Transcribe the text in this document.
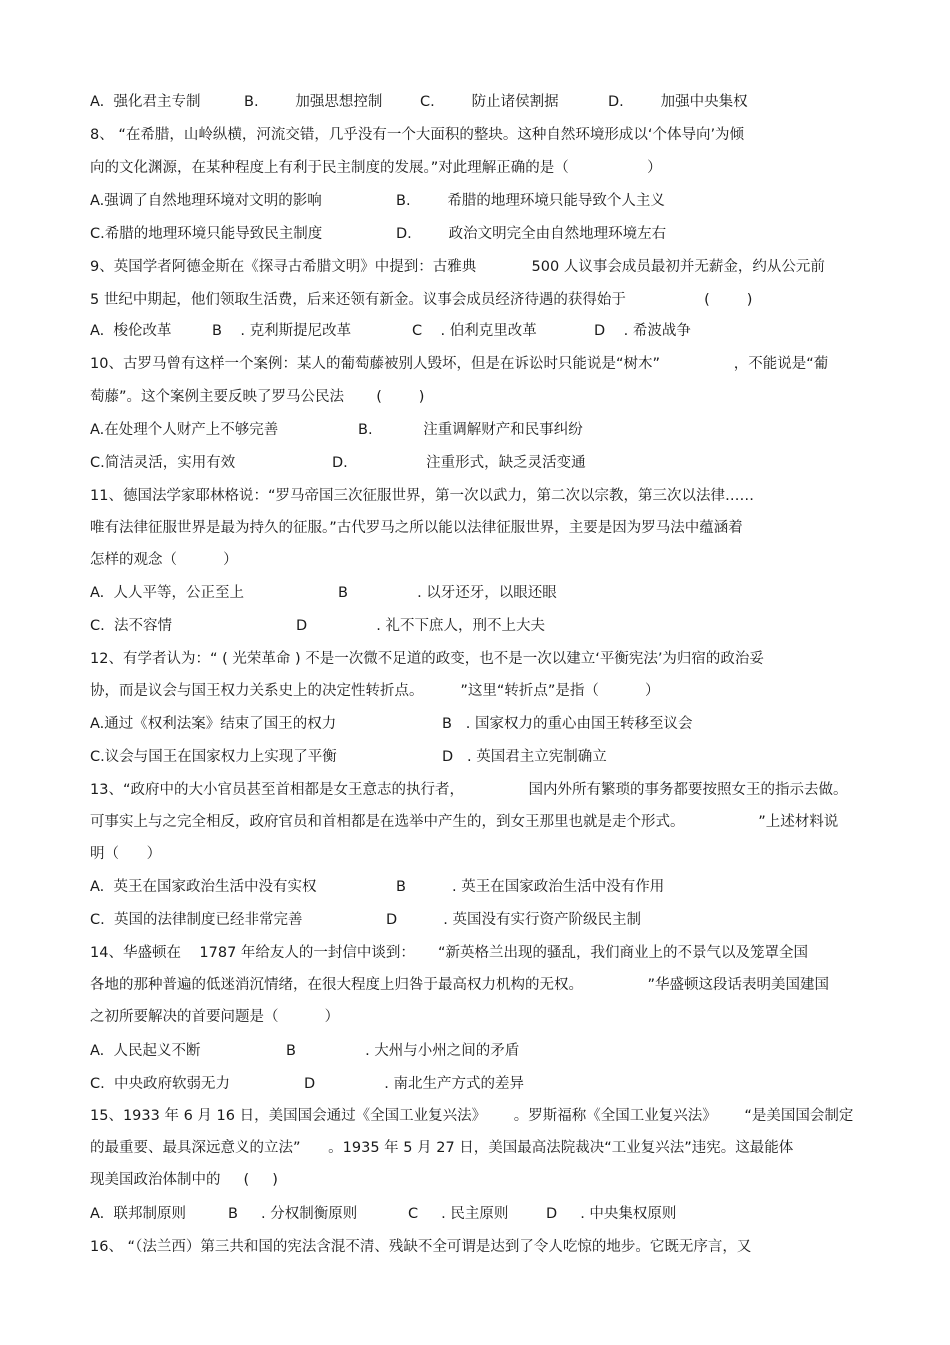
A.  强化君主专制	B.        加强思想控制	C.        防止诸侯割据	D.        加强中央集权
8、 “在希腊，山岭纵横，河流交错，几乎没有一个大面积的整块。这种自然环境形成以‘个体导向’为倾
向的文化渊源，在某种程度上有利于民主制度的发展。”对此理解正确的是（                 ）
A.强调了自然地理环境对文明的影响	B.        希腊的地理环境只能导致个人主义
C.希腊的地理环境只能导致民主制度	D.        政治文明完全由自然地理环境左右
9、英国学者阿德金斯在《探寻古希腊文明》中提到：古雅典            500 人议事会成员最初并无薪金，约从公元前
5 世纪中期起，他们领取生活费，后来还领有新金。议事会成员经济待遇的获得始于                 (        )
A.  梭伦改革	B    . 克利斯提尼改革	C    . 伯利克里改革	D    . 希波战争
10、古罗马曾有这样一个案例：某人的葡萄藤被别人毁坏，但是在诉讼时只能说是“树木”                ，不能说是“葡
萄藤”。这个案例主要反映了罗马公民法       (        )
A.在处理个人财产上不够完善	B.           注重调解财产和民事纠纷
C.简洁灵活，实用有效	D.                 注重形式，缺乏灵活变通
11、德国法学家耶林格说：“罗马帝国三次征服世界，第一次以武力，第二次以宗教，第三次以法律……
唯有法律征服世界是最为持久的征服。”古代罗马之所以能以法律征服世界，主要是因为罗马法中蕴涵着
怎样的观念（          ）
A.  人人平等，公正至上	B               . 以牙还牙，以眼还眼
C.  法不容情	D               . 礼不下庶人，刑不上大夫
12、有学者认为：“ ( 光荣革命 ) 不是一次微不足道的政变，也不是一次以建立‘平衡宪法’为归宿的政治妥
协，而是议会与国王权力关系史上的决定性转折点。        ”这里“转折点”是指（          ）
A.通过《权利法案》结束了国王的权力	B   . 国家权力的重心由国王转移至议会
C.议会与国王在国家权力上实现了平衡	D   . 英国君主立宪制确立
13、“政府中的大小官员甚至首相都是女王意志的执行者，              国内外所有繁琐的事务都要按照女王的指示去做。
可事实上与之完全相反，政府官员和首相都是在选举中产生的，到女王那里也就是走个形式。                ”上述材料说
明（      ）
A.  英王在国家政治生活中没有实权	B          . 英王在国家政治生活中没有作用
C.  英国的法律制度已经非常完善	D          . 英国没有实行资产阶级民主制
14、华盛顿在    1787 年给友人的一封信中谈到：     “新英格兰出现的骚乱，我们商业上的不景气以及笼罩全国
各地的那种普遍的低迷消沉情绪，在很大程度上归咎于最高权力机构的无权。              ”华盛顿这段话表明美国建国
之初所要解决的首要问题是（          ）
A.  人民起义不断	B               . 大州与小州之间的矛盾
C.  中央政府软弱无力	D               . 南北生产方式的差异
15、1933 年 6 月 16 日，美国国会通过《全国工业复兴法》      。罗斯福称《全国工业复兴法》      “是美国国会制定
的最重要、最具深远意义的立法”      。1935 年 5 月 27 日，美国最高法院裁决“工业复兴法”违宪。这最能体
现美国政治体制中的     (     )
A.  联邦制原则	B     . 分权制衡原则	C     . 民主原则	D     . 中央集权原则
16、 “（法兰西）第三共和国的宪法含混不清、残缺不全可谓是达到了令人吃惊的地步。它既无序言，又
